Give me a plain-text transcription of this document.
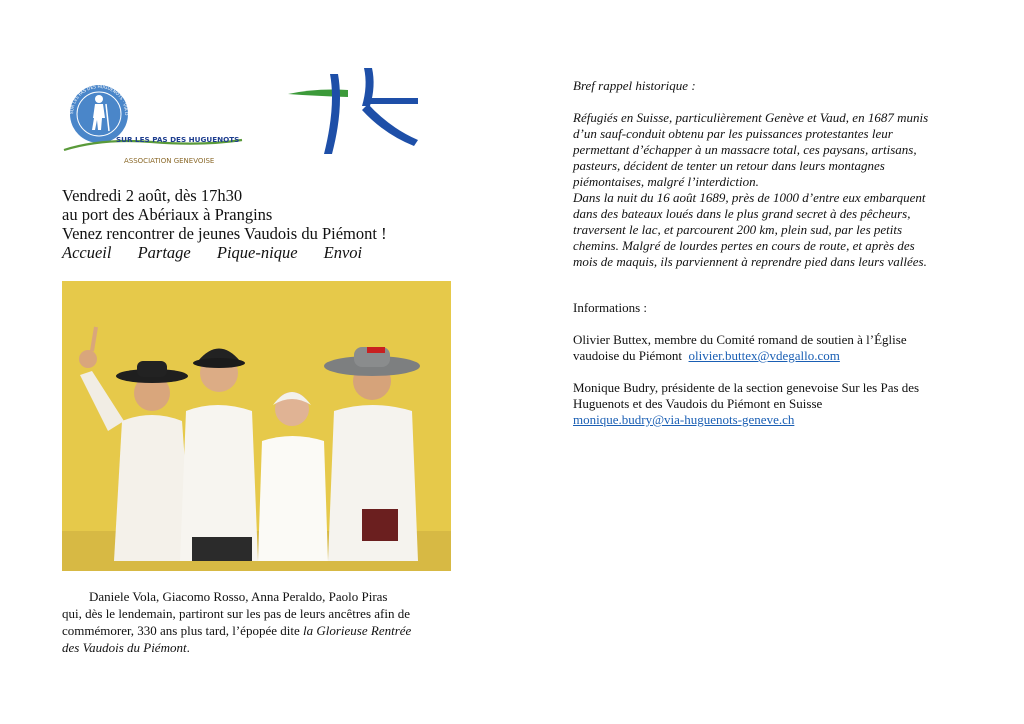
SUR LES PAS DES HUGUENOTS · VIA D
SUR LES PAS DES HUGUENOTS
ASSOCIATION GENEVOISE
Vendredi 2 août, dès 17h30
au port des Abériaux à Prangins
Venez rencontrer de jeunes Vaudois du Piémont !
Accueil Partage Pique-nique Envoi
Daniele Vola, Giacomo Rosso, Anna Peraldo, Paolo Piras
qui, dès le lendemain, partiront sur les pas de leurs ancêtres afin de
commémorer, 330 ans plus tard, l’épopée dite la Glorieuse Rentrée
des Vaudois du Piémont.
Bref rappel historique :
Réfugiés en Suisse, particulièrement Genève et Vaud, en 1687 munis
d’un sauf-conduit obtenu par les puissances protestantes leur
permettant d’échapper à un massacre total, ces paysans, artisans,
pasteurs, décident de tenter un retour dans leurs montagnes
piémontaises, malgré l’interdiction.
Dans la nuit du 16 août 1689, près de 1000 d’entre eux embarquent
dans des bateaux loués dans le plus grand secret à des pêcheurs,
traversent le lac, et parcourent 200 km, plein sud, par les petits
chemins. Malgré de lourdes pertes en cours de route, et après des
mois de maquis, ils parviennent à reprendre pied dans leurs vallées.
Informations :
Olivier Buttex, membre du Comité romand de soutien à l’Église
vaudoise du Piémont olivier.buttex@vdegallo.com
Monique Budry, présidente de la section genevoise Sur les Pas des
Huguenots et des Vaudois du Piémont en Suisse
monique.budry@via-huguenots-geneve.ch
